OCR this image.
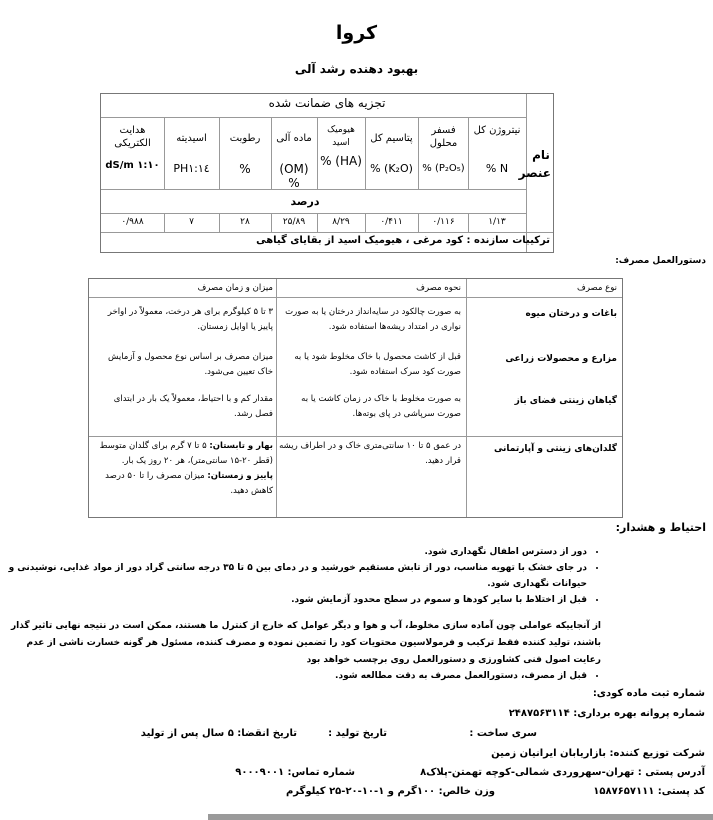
کروا
بهبود دهنده رشد آلی
نام عنصر
نیتروژن کل
N %
۱/۱۳
فسفر محلول
(P₂O₅) %
۰/۱۱۶
پتاسیم کل
(K₂O) %
۰/۴۱۱
هیومیک اسید
(HA) %
۸/۲۹
ماده آلی
(OM) %
۲۵/۸۹
رطوبت
%
۲۸
اسیدیته
PH۱:۱٤
۷
هدایت الکتریکی
۱:۱۰ dS/m
۰/۹۸۸
تجزیه های ضمانت شده
درصد
ترکیبات سازنده : کود مرغی ، هیومیک اسید از بقایای گیاهی
دستورالعمل مصرف:
نوع مصرف
نحوه مصرف
میزان و زمان مصرف
باغات و درختان میوه
به صورت چالکود در سایه‌انداز درختان یا به صورت نواری در امتداد ریشه‌ها استفاده شود.
۳ تا ۵ کیلوگرم برای هر درخت، معمولاً در اواخر پاییز یا اوایل زمستان.
مزارع و محصولات زراعی
قبل از کاشت محصول با خاک مخلوط شود یا به صورت کود سرک استفاده شود.
میزان مصرف بر اساس نوع محصول و آزمایش خاک تعیین می‌شود.
گیاهان زینتی فضای باز
به صورت مخلوط با خاک در زمان کاشت یا به صورت سرپاشی در پای بوته‌ها.
مقدار کم و با احتیاط، معمولاً یک بار در ابتدای فصل رشد.
گلدان‌های زینتی و آپارتمانی
در عمق ۵ تا ۱۰ سانتی‌متری خاک و در اطراف ریشه قرار دهید.
بهار و تابستان: ۵ تا ۷ گرم برای گلدان متوسط (قطر ۲۰-۱۵ سانتی‌متر)، هر ۲۰ روز یک بار.
پاییز و زمستان: میزان مصرف را تا ۵۰ درصد کاهش دهید.
احتیاط و هشدار:
• دور از دسترس اطفال نگهداری شود.
• در جای خشک با تهویه مناسب، دور از تابش مستقیم خورشید و در دمای بین ۵ تا ۳۵ درجه سانتی گراد دور از مواد غذایی، نوشیدنی و حیوانات نگهداری شود.
• قبل از اختلاط با سایر کودها و سموم در سطح محدود آزمایش شود.
از آنجاییکه عواملی چون آماده سازی مخلوط، آب و هوا و دیگر عوامل که خارج از کنترل ما هستند، ممکن است در نتیجه نهایی تاثیر گذار باشند، تولید کننده فقط ترکیب و فرمولاسیون محتویات کود را تضمین نموده و مصرف کننده، مسئول هر گونه خسارت ناشی از عدم رعایت اصول فنی کشاورزی و دستورالعمل روی برچسب خواهد بود
• قبل از مصرف، دستورالعمل مصرف به دقت مطالعه شود.
شماره ثبت ماده کودی:
شماره پروانه بهره برداری: ۲۴۸۷۵۶۳۱۱۴
سری ساخت :
تاریخ تولید :
تاریخ انقضا: ۵ سال پس از تولید
شرکت توزیع کننده: بازاریابان ایرانیان زمین
آدرس پستی : تهران-سهروردی شمالی-کوچه تهمتن-پلاک۸
شماره تماس: ۹۰۰۰۹۰۰۱
کد پستی: ۱۵۸۷۶۵۷۱۱۱
وزن خالص: ۱۰۰گرم و ۱-۱۰-۲۰-۲۵ کیلوگرم
